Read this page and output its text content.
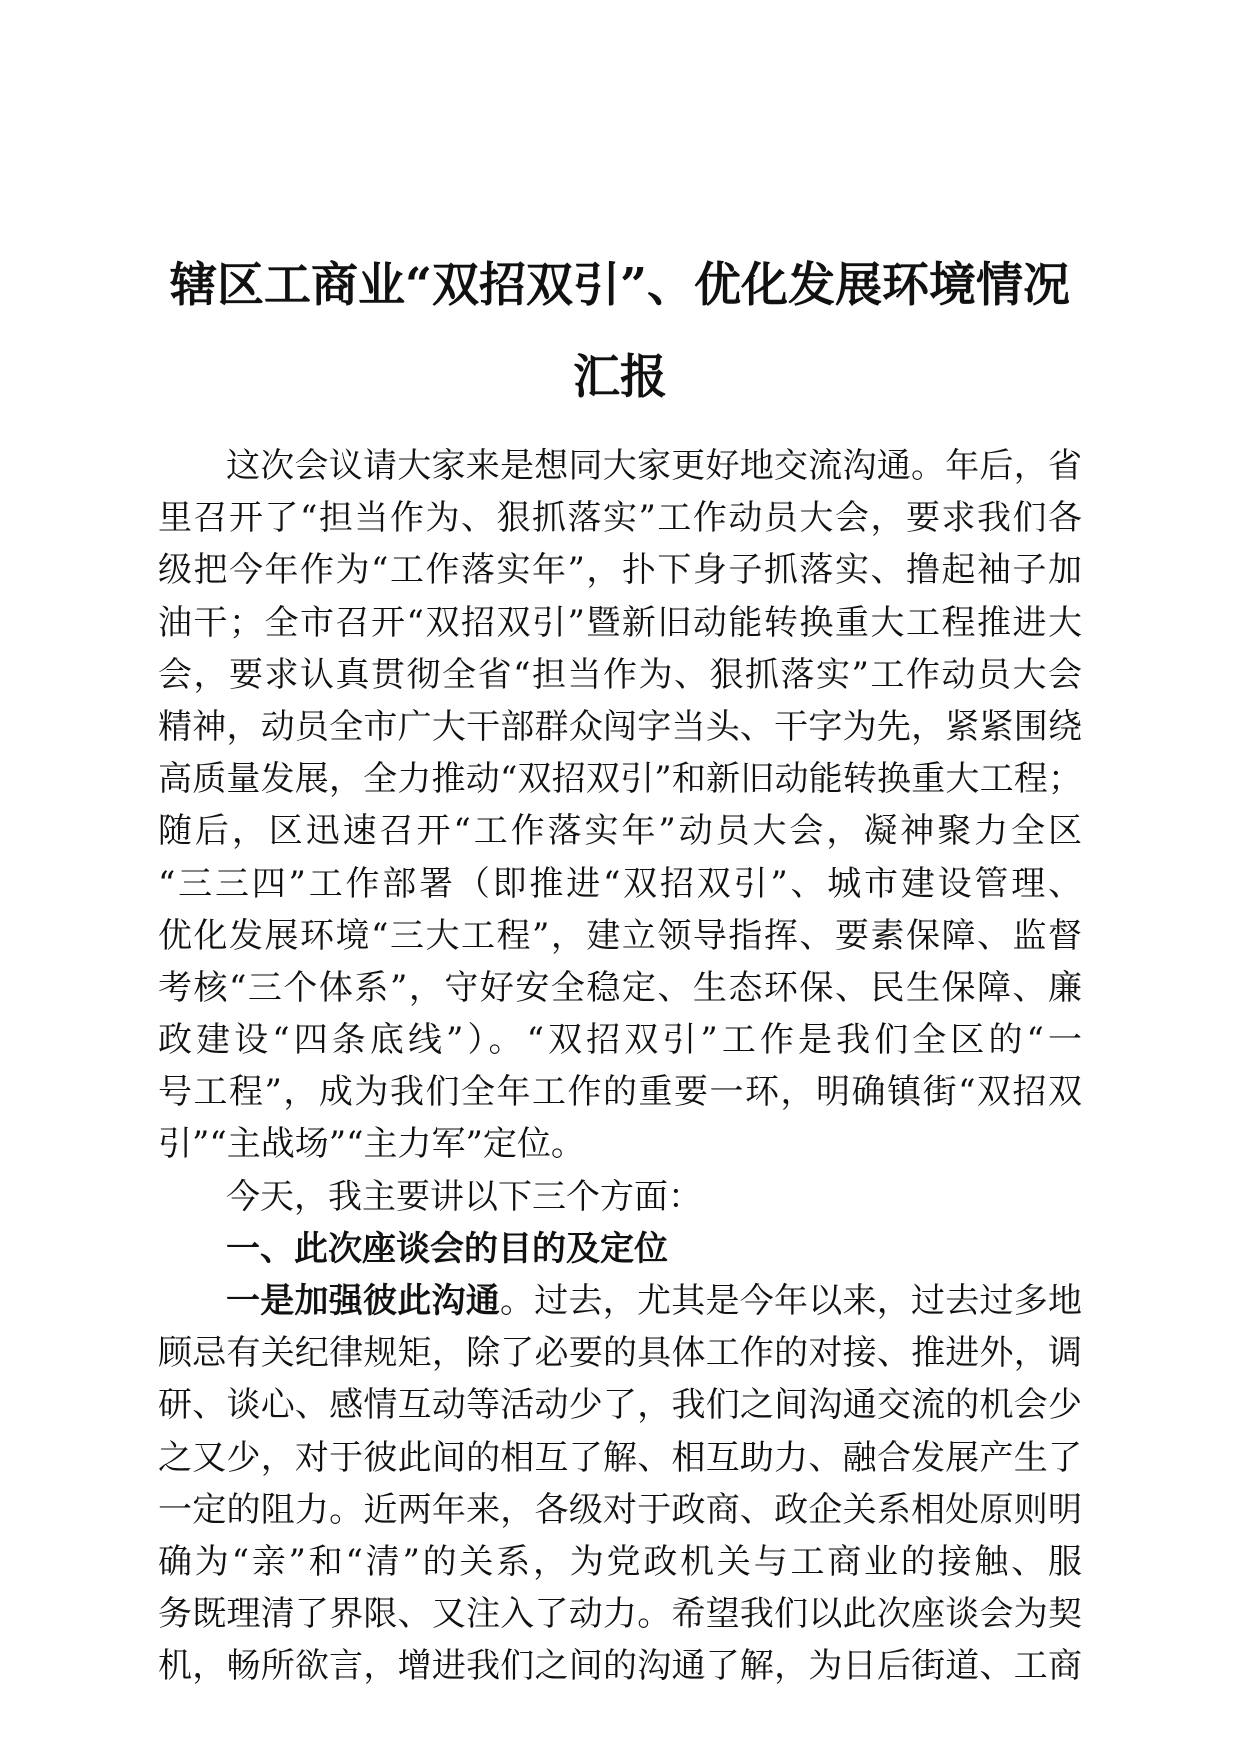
辖区工商业“双招双引”、优化发展环境情况
汇报
这次会议请大家来是想同大家更好地交流沟通。年后，省
里召开了“担当作为、狠抓落实”工作动员大会，要求我们各
级把今年作为“工作落实年”，扑下身子抓落实、撸起袖子加
油干；全市召开“双招双引”暨新旧动能转换重大工程推进大
会，要求认真贯彻全省“担当作为、狠抓落实”工作动员大会
精神，动员全市广大干部群众闯字当头、干字为先，紧紧围绕
高质量发展，全力推动“双招双引”和新旧动能转换重大工程；
随后，区迅速召开“工作落实年”动员大会，凝神聚力全区
“三三四”工作部署（即推进“双招双引”、城市建设管理、
优化发展环境“三大工程”，建立领导指挥、要素保障、监督
考核“三个体系”，守好安全稳定、生态环保、民生保障、廉
政建设“四条底线”）。“双招双引”工作是我们全区的“一
号工程”，成为我们全年工作的重要一环，明确镇街“双招双
引”“主战场”“主力军”定位。
今天，我主要讲以下三个方面：
一、此次座谈会的目的及定位
一是加强彼此沟通。过去，尤其是今年以来，过去过多地
顾忌有关纪律规矩，除了必要的具体工作的对接、推进外，调
研、谈心、感情互动等活动少了，我们之间沟通交流的机会少
之又少，对于彼此间的相互了解、相互助力、融合发展产生了
一定的阻力。近两年来，各级对于政商、政企关系相处原则明
确为“亲”和“清”的关系，为党政机关与工商业的接触、服
务既理清了界限、又注入了动力。希望我们以此次座谈会为契
机，畅所欲言，增进我们之间的沟通了解，为日后街道、工商
